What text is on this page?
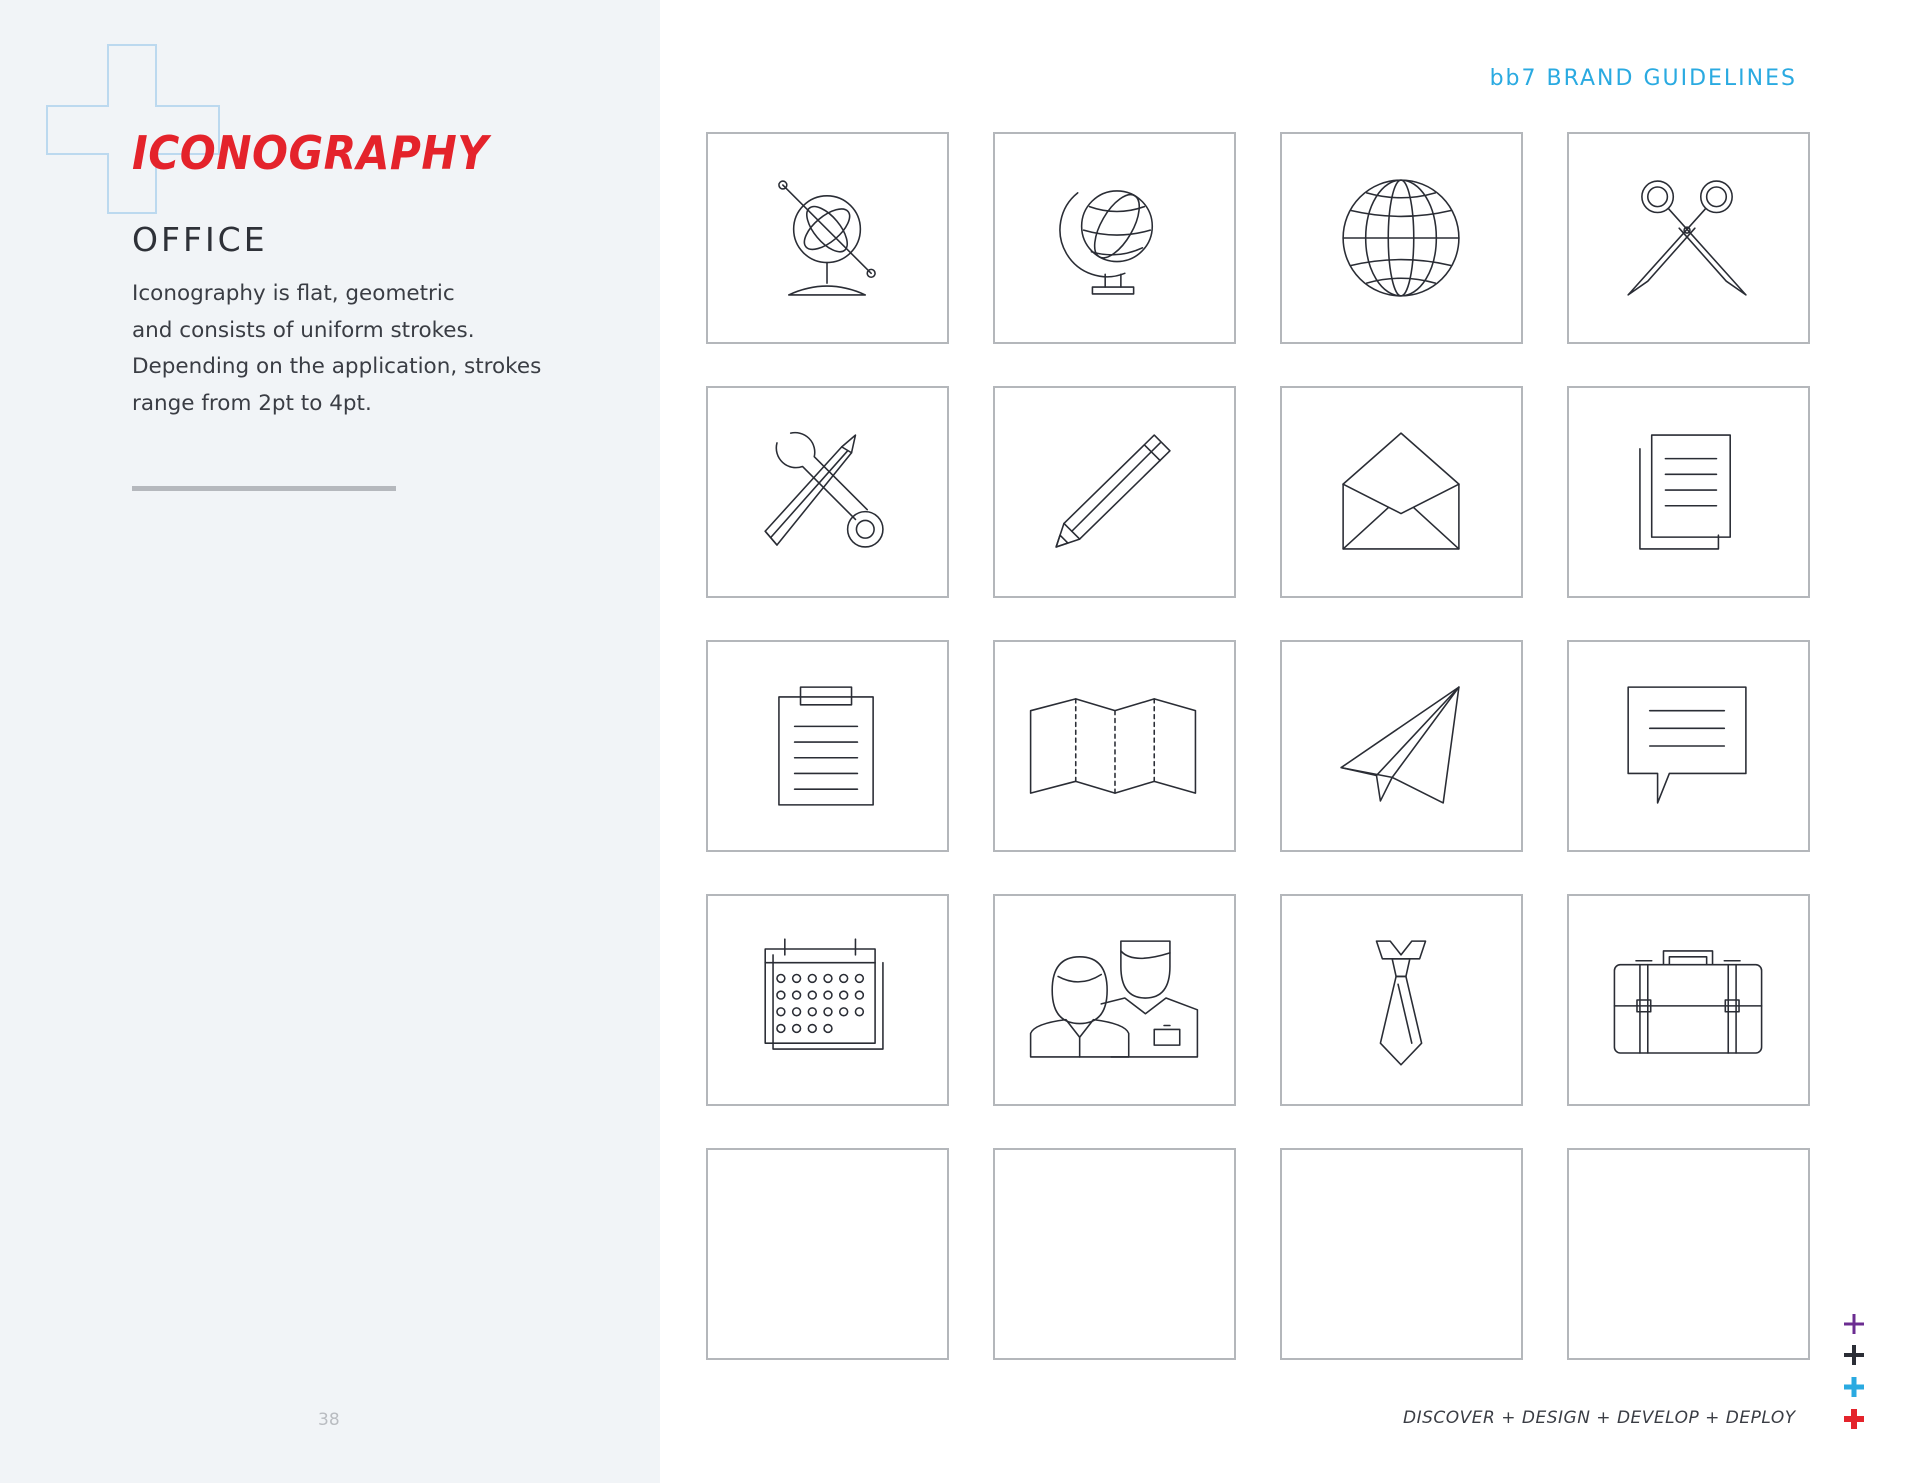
ICONOGRAPHY
OFFICE
Iconography is flat, geometric
and consists of uniform strokes.
Depending on the application, strokes
range from 2pt to 4pt.
38
bb7 BRAND GUIDELINES
DISCOVER + DESIGN + DEVELOP + DEPLOY
